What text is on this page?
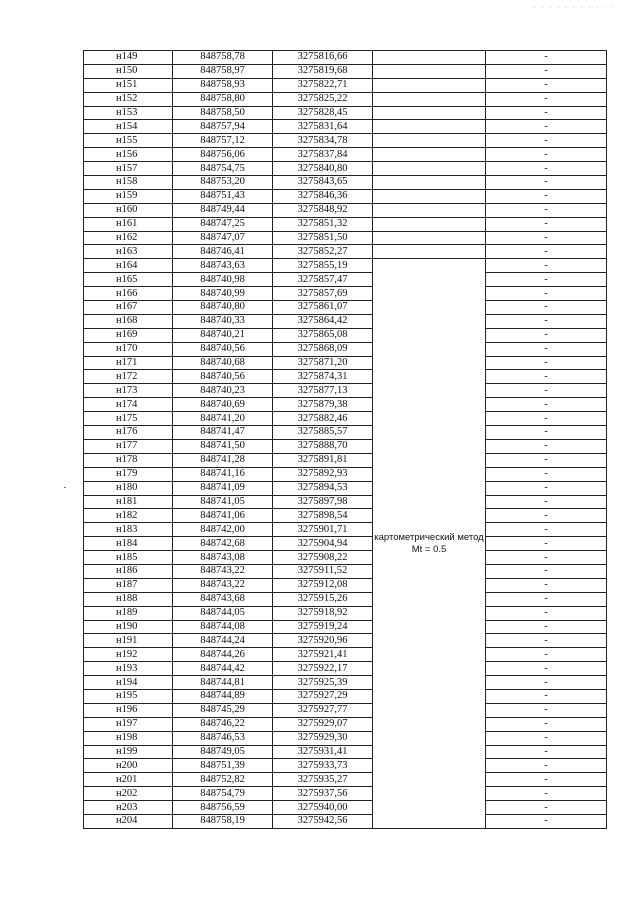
. . . . . . . . . . .
н149	848758,78	3275816,66		-
н150	848758,97	3275819,68		-
н151	848758,93	3275822,71		-
н152	848758,80	3275825,22		-
н153	848758,50	3275828,45		-
н154	848757,94	3275831,64		-
н155	848757,12	3275834,78		-
н156	848756,06	3275837,84		-
н157	848754,75	3275840,80		-
н158	848753,20	3275843,65		-
н159	848751,43	3275846,36		-
н160	848749,44	3275848,92		-
н161	848747,25	3275851,32		-
н162	848747,07	3275851,50		-
н163	848746,41	3275852,27		-
н164	848743,63	3275855,19	картометрический метод Mt = 0.5	-
н165	848740,98	3275857,47		-
н166	848740,99	3275857,69		-
н167	848740,80	3275861,07		-
н168	848740,33	3275864,42		-
н169	848740,21	3275865,08		-
н170	848740,56	3275868,09		-
н171	848740,68	3275871,20		-
н172	848740,56	3275874,31		-
н173	848740,23	3275877,13		-
н174	848740,69	3275879,38		-
н175	848741,20	3275882,46		-
н176	848741,47	3275885,57		-
н177	848741,50	3275888,70		-
н178	848741,28	3275891,81		-
н179	848741,16	3275892,93		-
н180	848741,09	3275894,53		-
н181	848741,05	3275897,98		-
н182	848741,06	3275898,54		-
н183	848742,00	3275901,71		-
н184	848742,68	3275904,94		-
н185	848743,08	3275908,22		-
н186	848743,22	3275911,52		-
н187	848743,22	3275912,08		-
н188	848743,68	3275915,26		-
н189	848744,05	3275918,92		-
н190	848744,08	3275919,24		-
н191	848744,24	3275920,96		-
н192	848744,26	3275921,41		-
н193	848744,42	3275922,17		-
н194	848744,81	3275925,39		-
н195	848744,89	3275927,29		-
н196	848745,29	3275927,77		-
н197	848746,22	3275929,07		-
н198	848746,53	3275929,30		-
н199	848749,05	3275931,41		-
н200	848751,39	3275933,73		-
н201	848752,82	3275935,27		-
н202	848754,79	3275937,56		-
н203	848756,59	3275940,00		-
н204	848758,19	3275942,56		-
